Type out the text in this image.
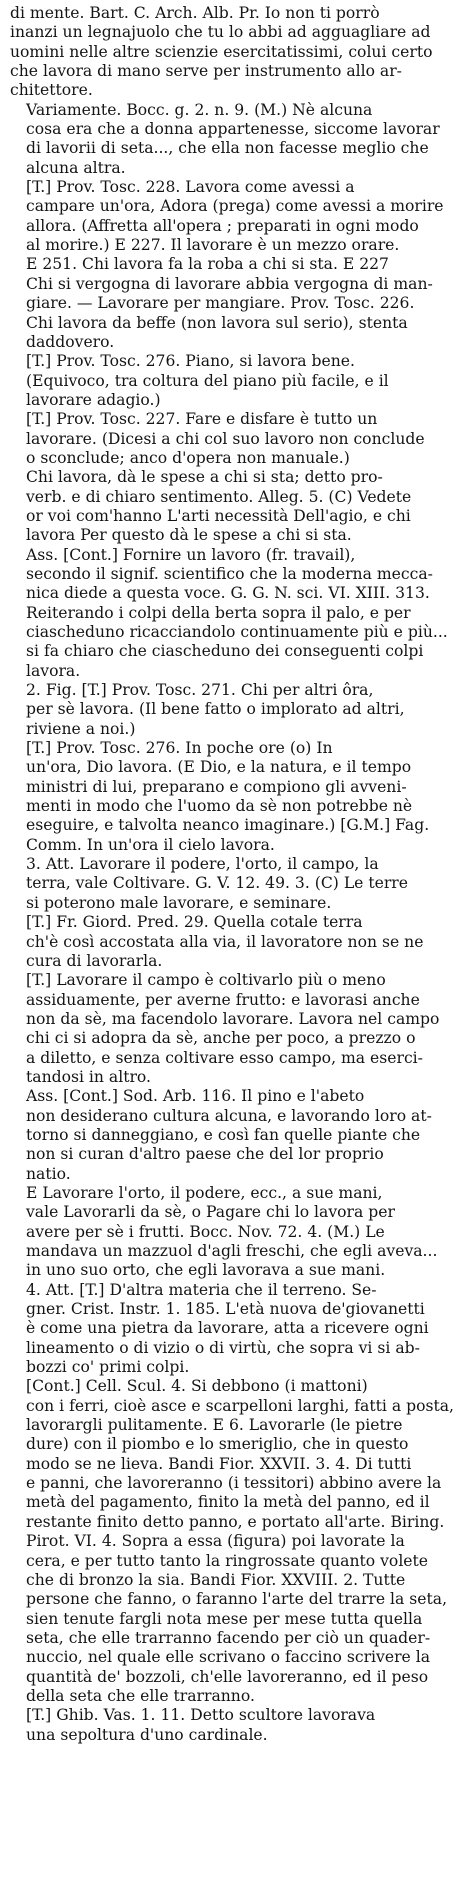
di mente. Bart. C. Arch. Alb. Pr. Io non ti porrò
inanzi un legnajuolo che tu lo abbi ad agguagliare ad
uomini nelle altre scienzie esercitatissimi, colui certo
che lavora di mano serve per instrumento allo ar-
chitettore.
Variamente. Bocc. g. 2. n. 9. (M.) Nè alcuna
cosa era che a donna appartenesse, siccome lavorar
di lavorii di seta..., che ella non facesse meglio che
alcuna altra.
[T.] Prov. Tosc. 228. Lavora come avessi a
campare un'ora, Adora (prega) come avessi a morire
allora. (Affretta all'opera ; preparati in ogni modo
al morire.) E 227. Il lavorare è un mezzo orare.
E 251. Chi lavora fa la roba a chi si sta. E 227
Chi si vergogna di lavorare abbia vergogna di man-
giare. — Lavorare per mangiare. Prov. Tosc. 226.
Chi lavora da beffe (non lavora sul serio), stenta
daddovero.
[T.] Prov. Tosc. 276. Piano, si lavora bene.
(Equivoco, tra coltura del piano più facile, e il
lavorare adagio.)
[T.] Prov. Tosc. 227. Fare e disfare è tutto un
lavorare. (Dicesi a chi col suo lavoro non conclude
o sconclude; anco d'opera non manuale.)
Chi lavora, dà le spese a chi si sta; detto pro-
verb. e di chiaro sentimento. Alleg. 5. (C) Vedete
or voi com'hanno L'arti necessità Dell'agio, e chi
lavora Per questo dà le spese a chi si sta.
Ass. [Cont.] Fornire un lavoro (fr. travail),
secondo il signif. scientifico che la moderna mecca-
nica diede a questa voce. G. G. N. sci. VI. XIII. 313.
Reiterando i colpi della berta sopra il palo, e per
ciascheduno ricacciandolo continuamente più e più...
si fa chiaro che ciascheduno dei conseguenti colpi
lavora.
2. Fig. [T.] Prov. Tosc. 271. Chi per altri ôra,
per sè lavora. (Il bene fatto o implorato ad altri,
riviene a noi.)
[T.] Prov. Tosc. 276. In poche ore (o) In
un'ora, Dio lavora. (E Dio, e la natura, e il tempo
ministri di lui, preparano e compiono gli avveni-
menti in modo che l'uomo da sè non potrebbe nè
eseguire, e talvolta neanco imaginare.) [G.M.] Fag.
Comm. In un'ora il cielo lavora.
3. Att. Lavorare il podere, l'orto, il campo, la
terra, vale Coltivare. G. V. 12. 49. 3. (C) Le terre
si poterono male lavorare, e seminare.
[T.] Fr. Giord. Pred. 29. Quella cotale terra
ch'è così accostata alla via, il lavoratore non se ne
cura di lavorarla.
[T.] Lavorare il campo è coltivarlo più o meno
assiduamente, per averne frutto: e lavorasi anche
non da sè, ma facendolo lavorare. Lavora nel campo
chi ci si adopra da sè, anche per poco, a prezzo o
a diletto, e senza coltivare esso campo, ma eserci-
tandosi in altro.
Ass. [Cont.] Sod. Arb. 116. Il pino e l'abeto
non desiderano cultura alcuna, e lavorando loro at-
torno si danneggiano, e così fan quelle piante che
non si curan d'altro paese che del lor proprio
natio.
E Lavorare l'orto, il podere, ecc., a sue mani,
vale Lavorarli da sè, o Pagare chi lo lavora per
avere per sè i frutti. Bocc. Nov. 72. 4. (M.) Le
mandava un mazzuol d'agli freschi, che egli aveva...
in uno suo orto, che egli lavorava a sue mani.
4. Att. [T.] D'altra materia che il terreno. Se-
gner. Crist. Instr. 1. 185. L'età nuova de'giovanetti
è come una pietra da lavorare, atta a ricevere ogni
lineamento o di vizio o di virtù, che sopra vi si ab-
bozzi co' primi colpi.
[Cont.] Cell. Scul. 4. Si debbono (i mattoni)
con i ferri, cioè asce e scarpelloni larghi, fatti a posta,
lavorargli pulitamente. E 6. Lavorarle (le pietre
dure) con il piombo e lo smeriglio, che in questo
modo se ne lieva. Bandi Fior. XXVII. 3. 4. Di tutti
e panni, che lavoreranno (i tessitori) abbino avere la
metà del pagamento, finito la metà del panno, ed il
restante finito detto panno, e portato all'arte. Biring.
Pirot. VI. 4. Sopra a essa (figura) poi lavorate la
cera, e per tutto tanto la ringrossate quanto volete
che di bronzo la sia. Bandi Fior. XXVIII. 2. Tutte
persone che fanno, o faranno l'arte del trarre la seta,
sien tenute fargli nota mese per mese tutta quella
seta, che elle trarranno facendo per ciò un quader-
nuccio, nel quale elle scrivano o faccino scrivere la
quantità de' bozzoli, ch'elle lavoreranno, ed il peso
della seta che elle trarranno.
[T.] Ghib. Vas. 1. 11. Detto scultore lavorava
una sepoltura d'uno cardinale.
